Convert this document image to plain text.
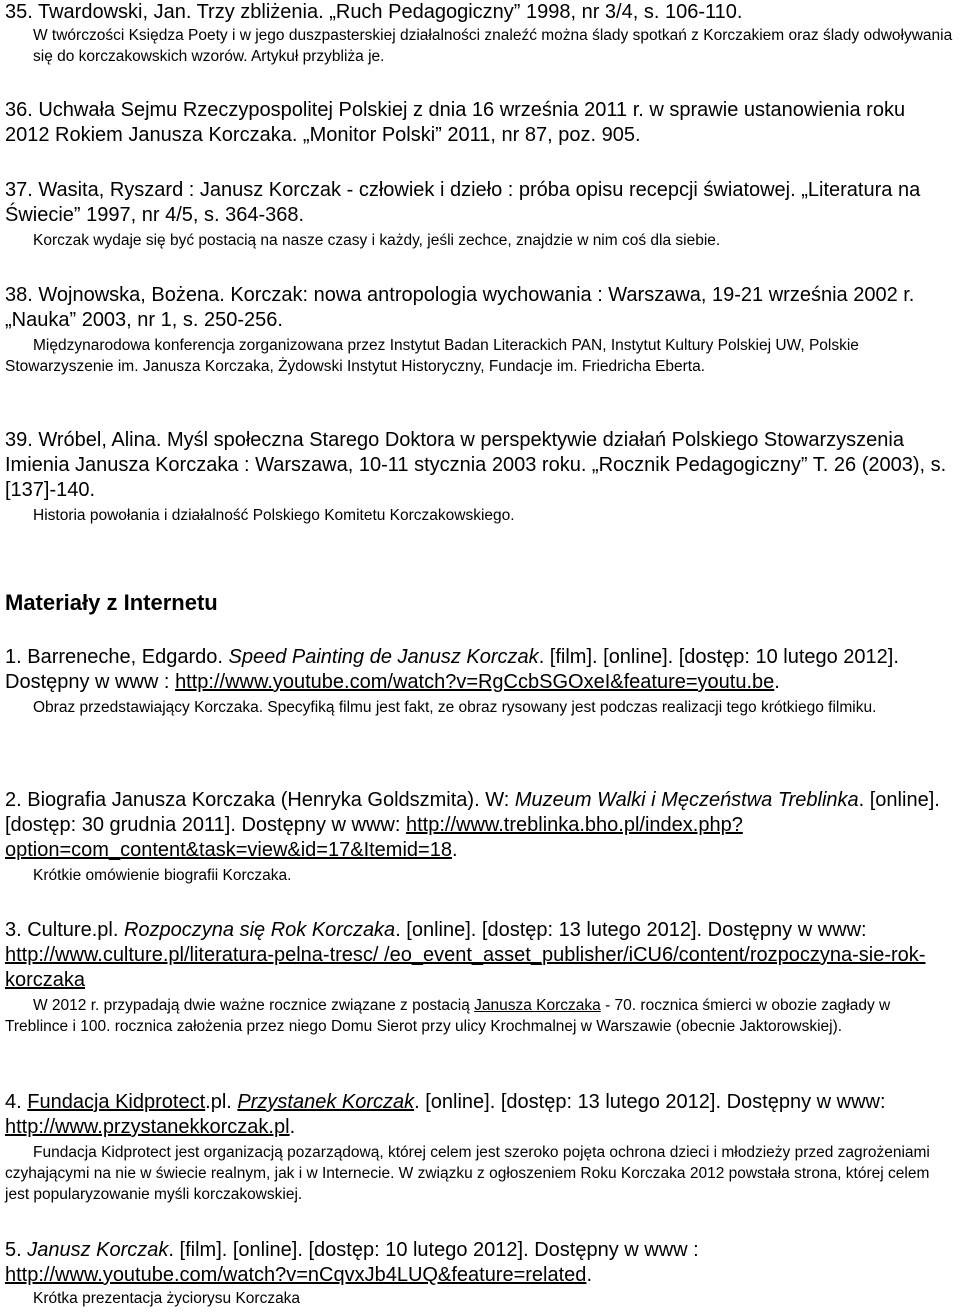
35. Twardowski, Jan. Trzy zbliżenia. „Ruch Pedagogiczny” 1998, nr 3/4, s. 106-110.
W twórczości Księdza Poety i w jego duszpasterskiej działalności znaleźć można ślady spotkań z Korczakiem oraz ślady odwoływania się do korczakowskich wzorów. Artykuł przybliża je.
36. Uchwała Sejmu Rzeczypospolitej Polskiej z dnia 16 września 2011 r. w sprawie ustanowienia roku 2012 Rokiem Janusza Korczaka. „Monitor Polski” 2011, nr 87, poz. 905.
37. Wasita, Ryszard : Janusz Korczak - człowiek i dzieło : próba opisu recepcji światowej. „Literatura na Świecie” 1997, nr 4/5, s. 364-368.
Korczak wydaje się być postacią na nasze czasy i każdy, jeśli zechce, znajdzie w nim coś dla siebie.
38. Wojnowska, Bożena. Korczak: nowa antropologia wychowania : Warszawa, 19-21 września 2002 r. „Nauka” 2003, nr 1, s. 250-256.
Międzynarodowa konferencja zorganizowana przez Instytut Badan Literackich PAN, Instytut Kultury Polskiej UW, Polskie Stowarzyszenie im. Janusza Korczaka, Żydowski Instytut Historyczny, Fundacje im. Friedricha Eberta.
39. Wróbel, Alina. Myśl społeczna Starego Doktora w perspektywie działań Polskiego Stowarzyszenia Imienia Janusza Korczaka : Warszawa, 10-11 stycznia 2003 roku. „Rocznik Pedagogiczny” T. 26 (2003), s. [137]-140.
Historia powołania i działalność Polskiego Komitetu Korczakowskiego.
Materiały z Internetu
1. Barreneche, Edgardo. Speed Painting de Janusz Korczak. [film]. [online]. [dostęp: 10 lutego 2012]. Dostępny w www : http://www.youtube.com/watch?v=RgCcbSGOxeI&feature=youtu.be.
Obraz przedstawiający Korczaka. Specyfiką filmu jest fakt, ze obraz rysowany jest podczas realizacji tego krótkiego filmiku.
2. Biografia Janusza Korczaka (Henryka Goldszmita). W: Muzeum Walki i Męczeństwa Treblinka. [online]. [dostęp: 30 grudnia 2011]. Dostępny w www: http://www.treblinka.bho.pl/index.php?option=com_content&task=view&id=17&Itemid=18.
Krótkie omówienie biografii Korczaka.
3. Culture.pl. Rozpoczyna się Rok Korczaka. [online]. [dostęp: 13 lutego 2012]. Dostępny w www: http://www.culture.pl/literatura-pelna-tresc/ /eo_event_asset_publisher/iCU6/content/rozpoczyna-sie-rok-korczaka
W 2012 r. przypadają dwie ważne rocznice związane z postacią Janusza Korczaka - 70. rocznica śmierci w obozie zagłady w Treblince i 100. rocznica założenia przez niego Domu Sierot przy ulicy Krochmalnej w Warszawie (obecnie Jaktorowskiej).
4. Fundacja Kidprotect.pl. Przystanek Korczak. [online]. [dostęp: 13 lutego 2012]. Dostępny w www: http://www.przystanekkorczak.pl.
Fundacja Kidprotect jest organizacją pozarządową, której celem jest szeroko pojęta ochrona dzieci i młodzieży przed zagrożeniami czyhającymi na nie w świecie realnym, jak i w Internecie. W związku z ogłoszeniem Roku Korczaka 2012 powstała strona, której celem jest popularyzowanie myśli korczakowskiej.
5. Janusz Korczak. [film]. [online]. [dostęp: 10 lutego 2012]. Dostępny w www : http://www.youtube.com/watch?v=nCqvxJb4LUQ&feature=related.
Krótka prezentacja życiorysu Korczaka
